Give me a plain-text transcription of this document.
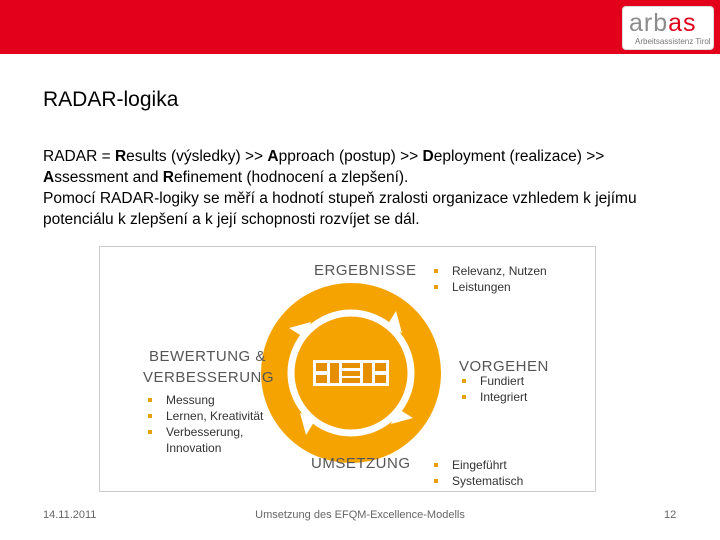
arbas
Arbeitsassistenz Tirol
RADAR-logika
RADAR = Results (výsledky) >> Approach (postup) >> Deployment (realizace) >>
Assessment and Refinement (hodnocení a zlepšení).
Pomocí RADAR-logiky se měří a hodnotí stupeň zralosti organizace vzhledem k jejímu potenciálu k zlepšení a k její schopnosti rozvíjet se dál.
ERGEBNISSE	Relevanz, Nutzen
Leistungen
BEWERTUNG &
VERBESSERUNG
Messung
Lernen, Kreativität
Verbesserung, Innovation
VORGEHEN
Fundiert
Integriert
UMSETZUNG	Eingeführt
Systematisch
14.11.2011	Umsetzung des EFQM-Excellence-Modells	12
